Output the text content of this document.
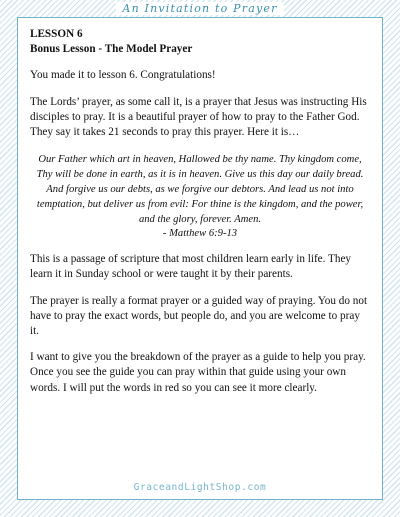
An Invitation to Prayer
LESSON 6
Bonus Lesson - The Model Prayer

You made it to lesson 6. Congratulations!

The Lords’ prayer, as some call it, is a prayer that Jesus was instructing His disciples to pray. It is a beautiful prayer of how to pray to the Father God. They say it takes 21 seconds to pray this prayer. Here it is…

Our Father which art in heaven, Hallowed be thy name. Thy kingdom come, Thy will be done in earth, as it is in heaven. Give us this day our daily bread. And forgive us our debts, as we forgive our debtors. And lead us not into temptation, but deliver us from evil: For thine is the kingdom, and the power, and the glory, forever. Amen.
- Matthew 6:9-13

This is a passage of scripture that most children learn early in life. They learn it in Sunday school or were taught it by their parents.

The prayer is really a format prayer or a guided way of praying. You do not have to pray the exact words, but people do, and you are welcome to pray it.

I want to give you the breakdown of the prayer as a guide to help you pray. Once you see the guide you can pray within that guide using your own words. I will put the words in red so you can see it more clearly.

GraceandLightShop.com
